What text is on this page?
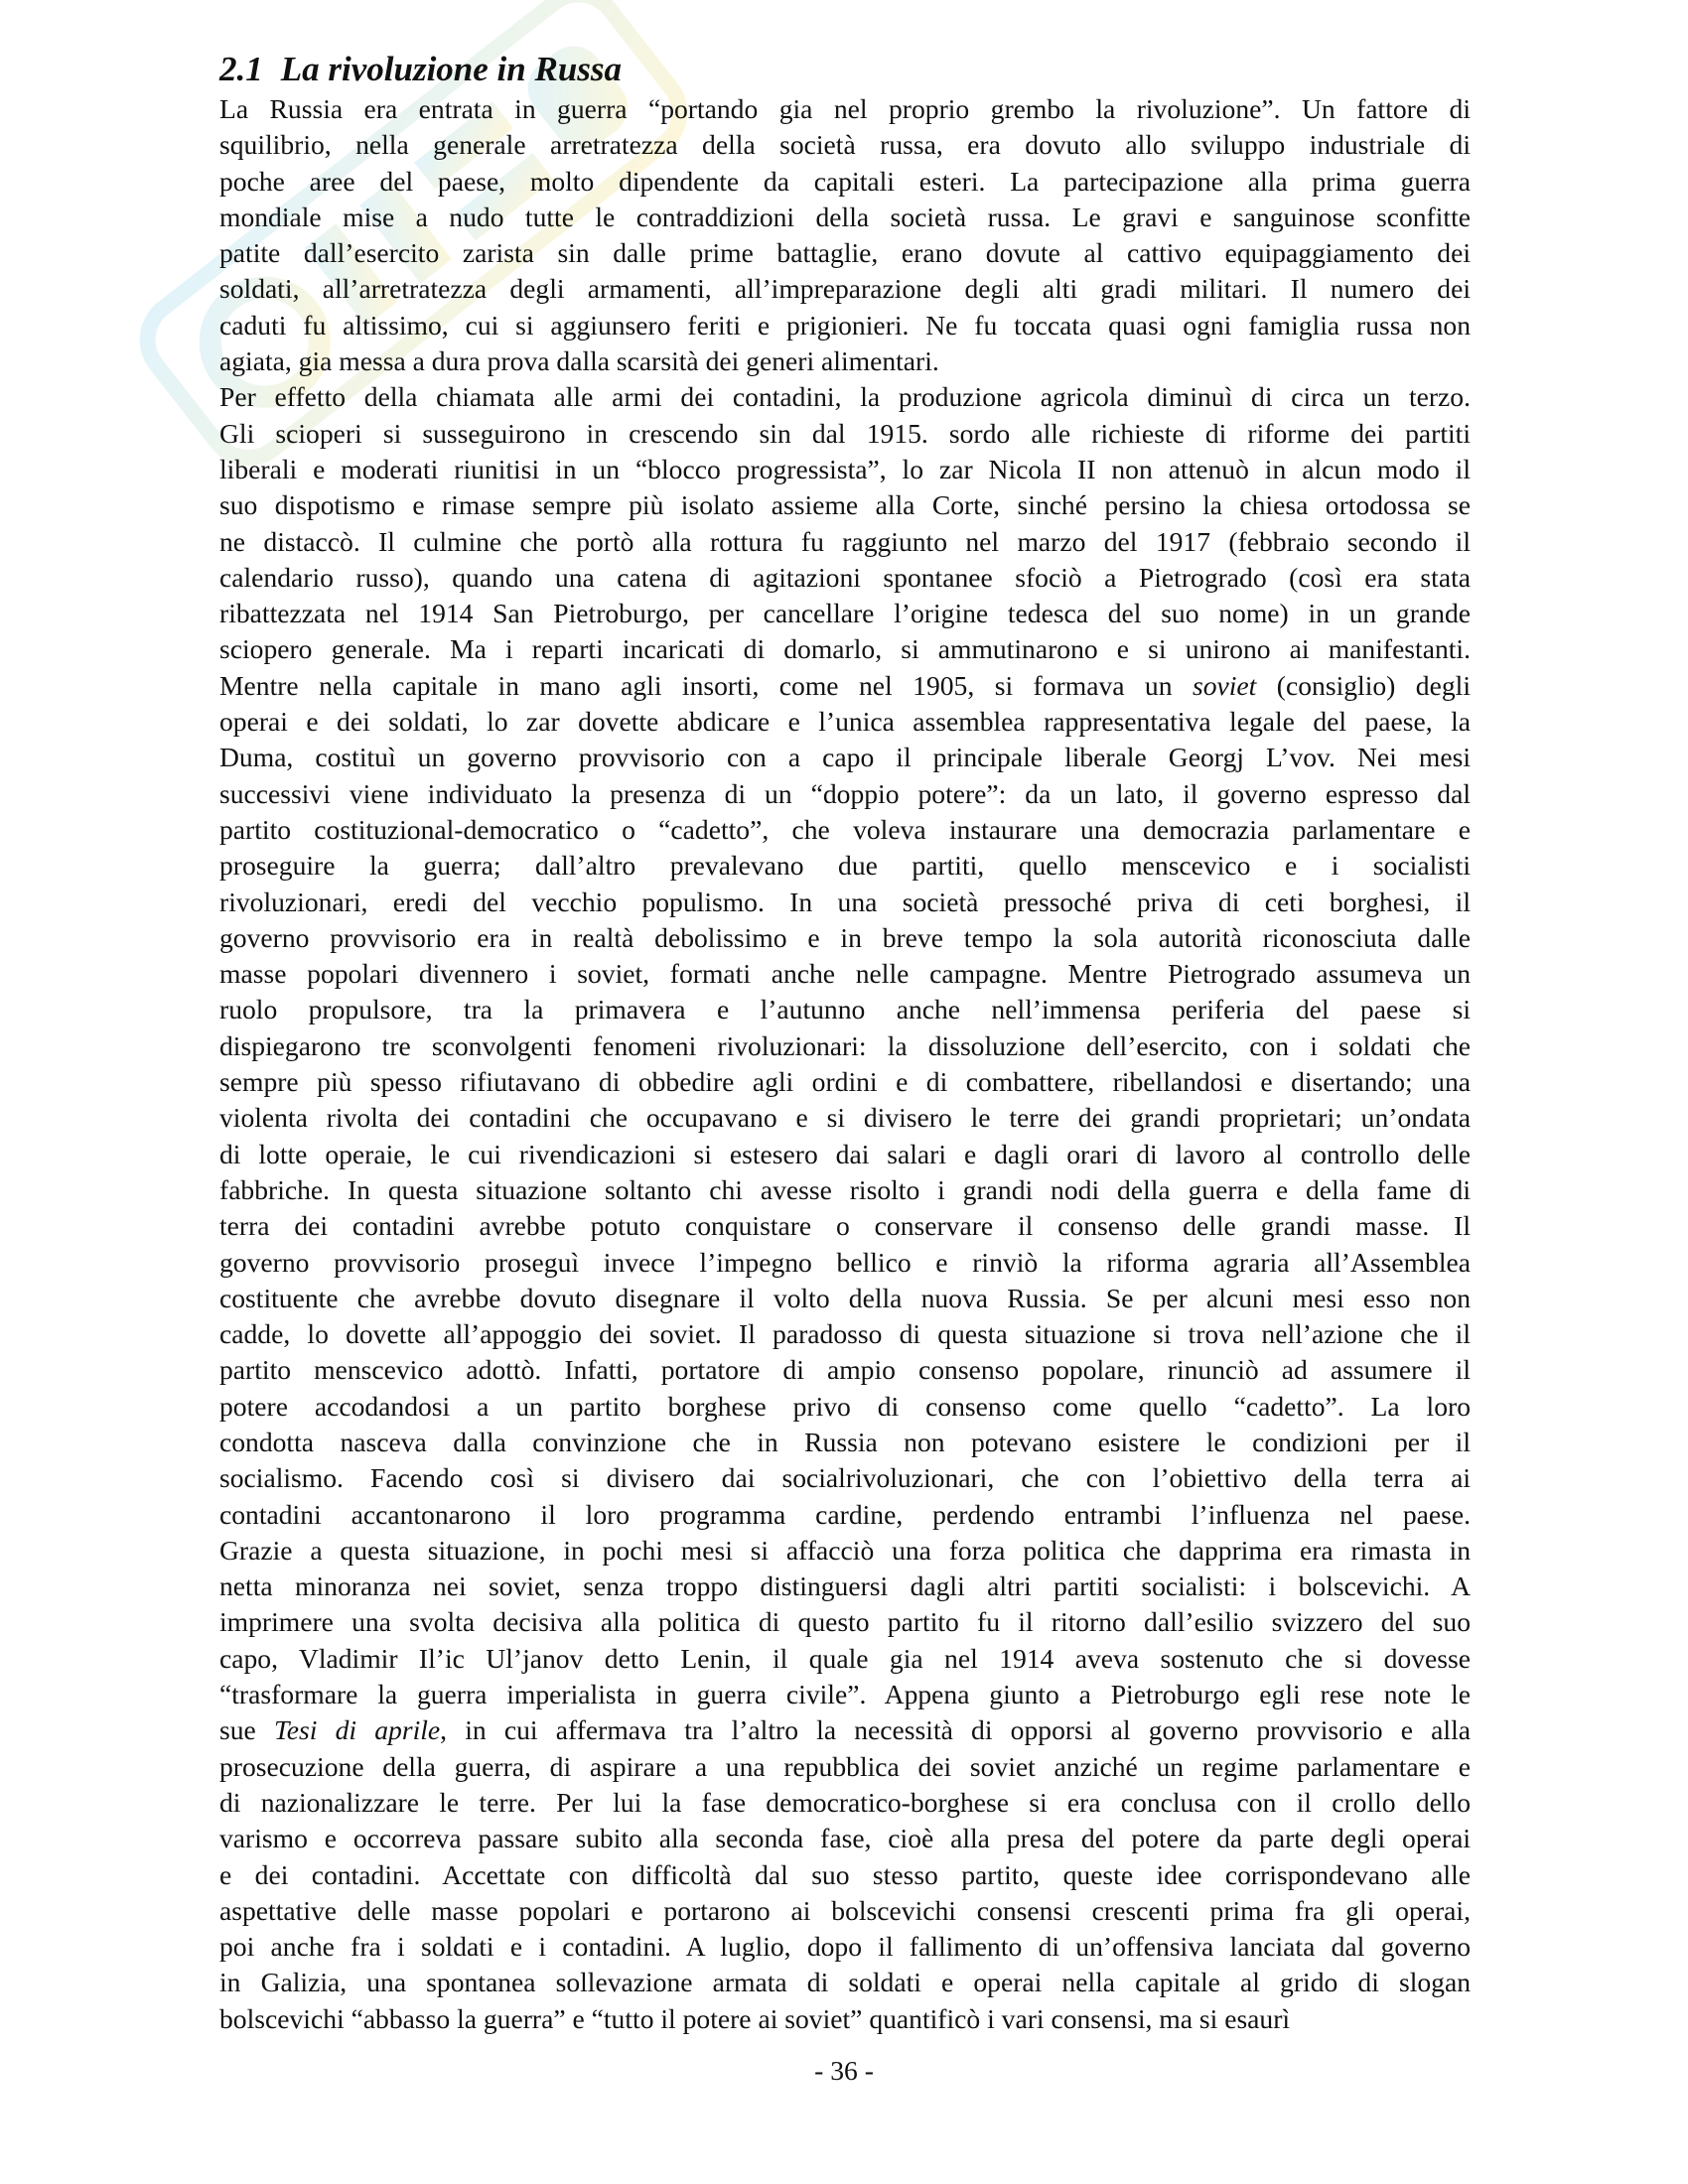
2.1 La rivoluzione in Russa
La Russia era entrata in guerra “portando gia nel proprio grembo la rivoluzione”. Un fattore di
squilibrio, nella generale arretratezza della società russa, era dovuto allo sviluppo industriale di
poche aree del paese, molto dipendente da capitali esteri. La partecipazione alla prima guerra
mondiale mise a nudo tutte le contraddizioni della società russa. Le gravi e sanguinose sconfitte
patite dall’esercito zarista sin dalle prime battaglie, erano dovute al cattivo equipaggiamento dei
soldati, all’arretratezza degli armamenti, all’impreparazione degli alti gradi militari. Il numero dei
caduti fu altissimo, cui si aggiunsero feriti e prigionieri. Ne fu toccata quasi ogni famiglia russa non
agiata, gia messa a dura prova dalla scarsità dei generi alimentari.
Per effetto della chiamata alle armi dei contadini, la produzione agricola diminuì di circa un terzo.
Gli scioperi si susseguirono in crescendo sin dal 1915. sordo alle richieste di riforme dei partiti
liberali e moderati riunitisi in un “blocco progressista”, lo zar Nicola II non attenuò in alcun modo il
suo dispotismo e rimase sempre più isolato assieme alla Corte, sinché persino la chiesa ortodossa se
ne distaccò. Il culmine che portò alla rottura fu raggiunto nel marzo del 1917 (febbraio secondo il
calendario russo), quando una catena di agitazioni spontanee sfociò a Pietrogrado (così era stata
ribattezzata nel 1914 San Pietroburgo, per cancellare l’origine tedesca del suo nome) in un grande
sciopero generale. Ma i reparti incaricati di domarlo, si ammutinarono e si unirono ai manifestanti.
Mentre nella capitale in mano agli insorti, come nel 1905, si formava un soviet (consiglio) degli
operai e dei soldati, lo zar dovette abdicare e l’unica assemblea rappresentativa legale del paese, la
Duma, costituì un governo provvisorio con a capo il principale liberale Georgj L’vov. Nei mesi
successivi viene individuato la presenza di un “doppio potere”: da un lato, il governo espresso dal
partito costituzional-democratico o “cadetto”, che voleva instaurare una democrazia parlamentare e
proseguire la guerra; dall’altro prevalevano due partiti, quello menscevico e i socialisti
rivoluzionari, eredi del vecchio populismo. In una società pressoché priva di ceti borghesi, il
governo provvisorio era in realtà debolissimo e in breve tempo la sola autorità riconosciuta dalle
masse popolari divennero i soviet, formati anche nelle campagne. Mentre Pietrogrado assumeva un
ruolo propulsore, tra la primavera e l’autunno anche nell’immensa periferia del paese si
dispiegarono tre sconvolgenti fenomeni rivoluzionari: la dissoluzione dell’esercito, con i soldati che
sempre più spesso rifiutavano di obbedire agli ordini e di combattere, ribellandosi e disertando; una
violenta rivolta dei contadini che occupavano e si divisero le terre dei grandi proprietari; un’ondata
di lotte operaie, le cui rivendicazioni si estesero dai salari e dagli orari di lavoro al controllo delle
fabbriche. In questa situazione soltanto chi avesse risolto i grandi nodi della guerra e della fame di
terra dei contadini avrebbe potuto conquistare o conservare il consenso delle grandi masse. Il
governo provvisorio proseguì invece l’impegno bellico e rinviò la riforma agraria all’Assemblea
costituente che avrebbe dovuto disegnare il volto della nuova Russia. Se per alcuni mesi esso non
cadde, lo dovette all’appoggio dei soviet. Il paradosso di questa situazione si trova nell’azione che il
partito menscevico adottò. Infatti, portatore di ampio consenso popolare, rinunciò ad assumere il
potere accodandosi a un partito borghese privo di consenso come quello “cadetto”. La loro
condotta nasceva dalla convinzione che in Russia non potevano esistere le condizioni per il
socialismo. Facendo così si divisero dai socialrivoluzionari, che con l’obiettivo della terra ai
contadini accantonarono il loro programma cardine, perdendo entrambi l’influenza nel paese.
Grazie a questa situazione, in pochi mesi si affacciò una forza politica che dapprima era rimasta in
netta minoranza nei soviet, senza troppo distinguersi dagli altri partiti socialisti: i bolscevichi. A
imprimere una svolta decisiva alla politica di questo partito fu il ritorno dall’esilio svizzero del suo
capo, Vladimir Il’ic Ul’janov detto Lenin, il quale gia nel 1914 aveva sostenuto che si dovesse
“trasformare la guerra imperialista in guerra civile”. Appena giunto a Pietroburgo egli rese note le
sue Tesi di aprile, in cui affermava tra l’altro la necessità di opporsi al governo provvisorio e alla
prosecuzione della guerra, di aspirare a una repubblica dei soviet anziché un regime parlamentare e
di nazionalizzare le terre. Per lui la fase democratico-borghese si era conclusa con il crollo dello
varismo e occorreva passare subito alla seconda fase, cioè alla presa del potere da parte degli operai
e dei contadini. Accettate con difficoltà dal suo stesso partito, queste idee corrispondevano alle
aspettative delle masse popolari e portarono ai bolscevichi consensi crescenti prima fra gli operai,
poi anche fra i soldati e i contadini. A luglio, dopo il fallimento di un’offensiva lanciata dal governo
in Galizia, una spontanea sollevazione armata di soldati e operai nella capitale al grido di slogan
bolscevichi “abbasso la guerra” e “tutto il potere ai soviet” quantificò i vari consensi, ma si esaurì
- 36 -
